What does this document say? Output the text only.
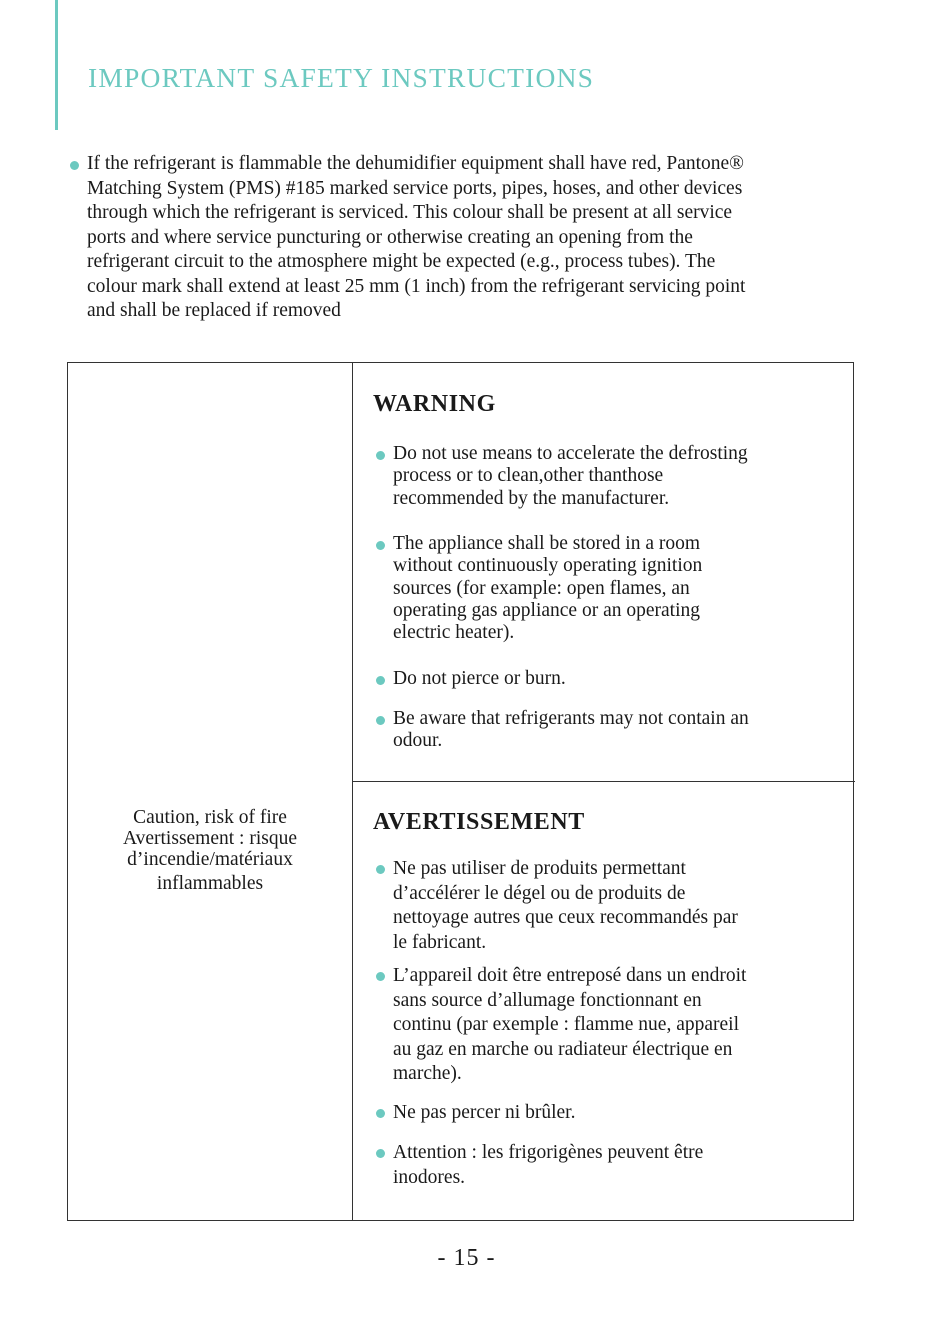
IMPORTANT SAFETY INSTRUCTIONS
If the refrigerant is flammable the dehumidifier equipment shall have red, Pantone®
Matching System (PMS) #185 marked service ports, pipes, hoses, and other devices
through which the refrigerant is serviced. This colour shall be present at all service
ports and where service puncturing or otherwise creating an opening from the
refrigerant circuit to the atmosphere might be expected (e.g., process tubes). The
colour mark shall extend at least 25 mm (1 inch) from the refrigerant servicing point
and shall be replaced if removed
Caution, risk of fire
Avertissement : risque
d’incendie/matériaux
inflammables
WARNING
Do not use means to accelerate the defrosting
process or to clean,other thanthose
recommended by the manufacturer.
The appliance shall be stored in a room
without continuously operating ignition
sources (for example: open flames, an
operating gas appliance or an operating
electric heater).
Do not pierce or burn.
Be aware that refrigerants may not contain an
odour.
AVERTISSEMENT
Ne pas utiliser de produits permettant
d’accélérer le dégel ou de produits de
nettoyage autres que ceux recommandés par
le fabricant.
L’appareil doit être entreposé dans un endroit
sans source d’allumage fonctionnant en
continu (par exemple : flamme nue, appareil
au gaz en marche ou radiateur électrique en
marche).
Ne pas percer ni brûler.
Attention : les frigorigènes peuvent être
inodores.
- 15 -
